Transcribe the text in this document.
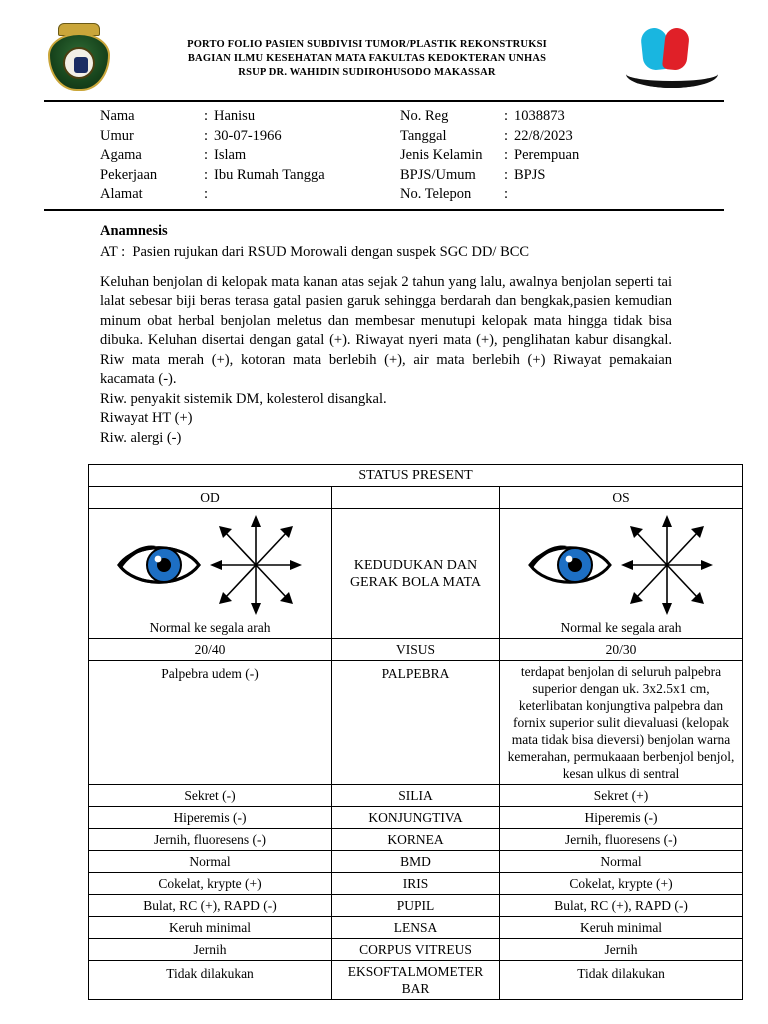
PORTO FOLIO PASIEN SUBDIVISI TUMOR/PLASTIK REKONSTRUKSI
BAGIAN ILMU KESEHATAN MATA FAKULTAS KEDOKTERAN UNHAS
RSUP DR. WAHIDIN SUDIROHUSODO MAKASSAR
Nama	: Hanisu
Umur	: 30-07-1966
Agama	: Islam
Pekerjaan	: Ibu Rumah Tangga
Alamat	:
No. Reg	: 1038873
Tanggal	: 22/8/2023
Jenis Kelamin	: Perempuan
BPJS/Umum	: BPJS
No. Telepon	:
Anamnesis
AT : Pasien rujukan dari RSUD Morowali dengan suspek SGC DD/ BCC
Keluhan benjolan di kelopak mata kanan atas sejak 2 tahun yang lalu, awalnya benjolan seperti tai lalat sebesar biji beras terasa gatal pasien garuk sehingga berdarah dan bengkak,pasien kemudian minum obat herbal benjolan meletus dan membesar menutupi kelopak mata hingga tidak bisa dibuka. Keluhan disertai dengan gatal (+). Riwayat nyeri mata (+), penglihatan kabur disangkal. Riw mata merah (+), kotoran mata berlebih (+), air mata berlebih (+) Riwayat pemakaian kacamata (-).
Riw. penyakit sistemik DM, kolesterol disangkal.
Riwayat HT (+)
Riw. alergi (-)
STATUS PRESENT		
OD		OS

Normal ke segala arah	KEDUDUKAN DAN GERAK BOLA MATA	Normal ke segala arah

20/40	VISUS	20/30
Palpebra udem (-)	PALPEBRA	terdapat benjolan di seluruh palpebra superior dengan uk. 3x2.5x1 cm, keterlibatan konjungtiva palpebra dan fornix superior sulit dievaluasi (kelopak mata tidak bisa dieversi) benjolan warna kemerahan, permukaaan berbenjol benjol, kesan ulkus di sentral
Sekret (-)	SILIA	Sekret (+)
Hiperemis (-)	KONJUNGTIVA	Hiperemis (-)
Jernih, fluoresens (-)	KORNEA	Jernih, fluoresens (-)
Normal	BMD	Normal
Cokelat, krypte (+)	IRIS	Cokelat, krypte (+)
Bulat, RC (+), RAPD (-)	PUPIL	Bulat, RC (+), RAPD (-)
Keruh minimal	LENSA	Keruh minimal
Jernih	CORPUS VITREUS	Jernih
Tidak dilakukan	EKSOFTALMOMETER BAR	Tidak dilakukan
